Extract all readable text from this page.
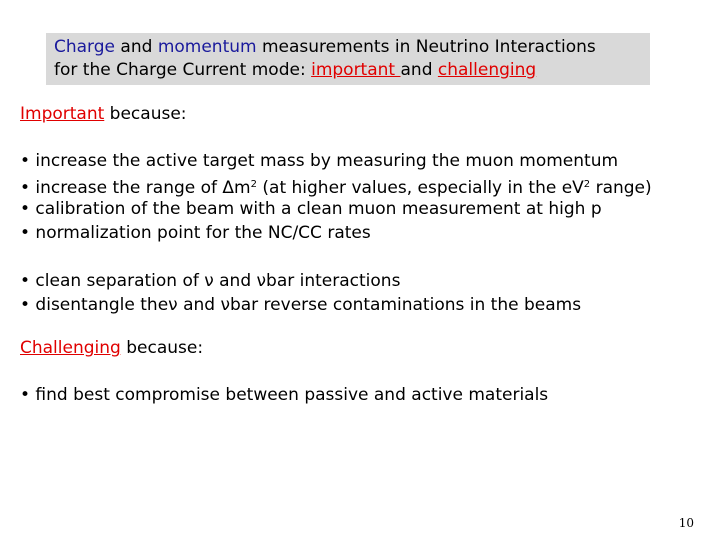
Charge and momentum measurements in Neutrino Interactions
for the Charge Current mode: important and challenging
Important because:
• increase the active target mass by measuring the muon momentum
• increase the range of $\Delta m^2$ (at higher values, especially in the $eV^2$ range)
• calibration of the beam with a clean muon measurement at high p
• normalization point for the NC/CC rates
• clean separation of ν and νbar interactions
• disentangle theν and νbar reverse contaminations in the beams
Challenging because:
• find best compromise between passive and active materials
10
